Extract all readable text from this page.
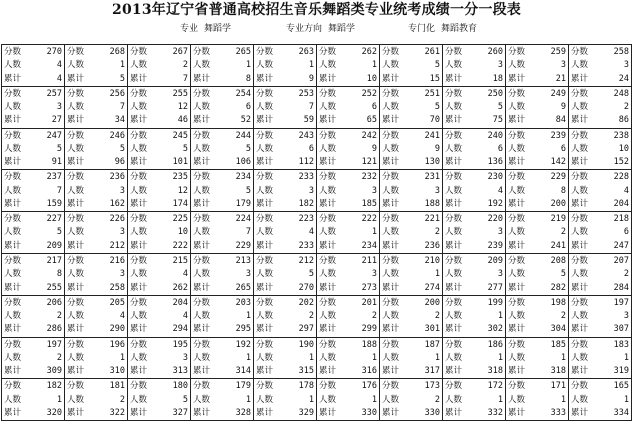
2013年辽宁省普通高校招生音乐舞蹈类专业统考成绩一分一段表
专业 舞蹈学	专业方向 舞蹈学	专门化 舞蹈教育
分数	270
人数	4
累计	4
分数	268
人数	1
累计	5
分数	267
人数	2
累计	7
分数	265
人数	1
累计	8
分数	263
人数	1
累计	9
分数	262
人数	1
累计	10
分数	261
人数	5
累计	15
分数	260
人数	3
累计	18
分数	259
人数	3
累计	21
分数	258
人数	3
累计	24
分数	257
人数	3
累计	27
分数	256
人数	7
累计	34
分数	255
人数	12
累计	46
分数	254
人数	6
累计	52
分数	253
人数	7
累计	59
分数	252
人数	6
累计	65
分数	251
人数	5
累计	70
分数	250
人数	5
累计	75
分数	249
人数	9
累计	84
分数	248
人数	2
累计	86
分数	247
人数	5
累计	91
分数	246
人数	5
累计	96
分数	245
人数	5
累计	101
分数	244
人数	5
累计	106
分数	243
人数	6
累计	112
分数	242
人数	9
累计	121
分数	241
人数	9
累计	130
分数	240
人数	6
累计	136
分数	239
人数	6
累计	142
分数	238
人数	10
累计	152
分数	237
人数	7
累计	159
分数	236
人数	3
累计	162
分数	235
人数	12
累计	174
分数	234
人数	5
累计	179
分数	233
人数	3
累计	182
分数	232
人数	3
累计	185
分数	231
人数	3
累计	188
分数	230
人数	4
累计	192
分数	229
人数	8
累计	200
分数	228
人数	4
累计	204
分数	227
人数	5
累计	209
分数	226
人数	3
累计	212
分数	225
人数	10
累计	222
分数	224
人数	7
累计	229
分数	223
人数	4
累计	233
分数	222
人数	1
累计	234
分数	221
人数	2
累计	236
分数	220
人数	3
累计	239
分数	219
人数	2
累计	241
分数	218
人数	6
累计	247
分数	217
人数	8
累计	255
分数	216
人数	3
累计	258
分数	215
人数	4
累计	262
分数	213
人数	3
累计	265
分数	212
人数	5
累计	270
分数	211
人数	3
累计	273
分数	210
人数	1
累计	274
分数	209
人数	3
累计	277
分数	208
人数	5
累计	282
分数	207
人数	2
累计	284
分数	206
人数	2
累计	286
分数	205
人数	4
累计	290
分数	204
人数	4
累计	294
分数	203
人数	1
累计	295
分数	202
人数	2
累计	297
分数	201
人数	2
累计	299
分数	200
人数	2
累计	301
分数	199
人数	1
累计	302
分数	198
人数	2
累计	304
分数	197
人数	3
累计	307
分数	197
人数	2
累计	309
分数	196
人数	1
累计	310
分数	195
人数	3
累计	313
分数	192
人数	1
累计	314
分数	190
人数	1
累计	315
分数	188
人数	1
累计	316
分数	187
人数	1
累计	317
分数	186
人数	1
累计	318
分数	185
人数	1
累计	318
分数	183
人数	1
累计	319
分数	182
人数	1
累计	320
分数	181
人数	2
累计	322
分数	180
人数	5
累计	327
分数	179
人数	1
累计	328
分数	178
人数	1
累计	329
分数	176
人数	1
累计	330
分数	173
人数	2
累计	330
分数	172
人数	1
累计	332
分数	171
人数	1
累计	333
分数	165
人数	1
累计	334
